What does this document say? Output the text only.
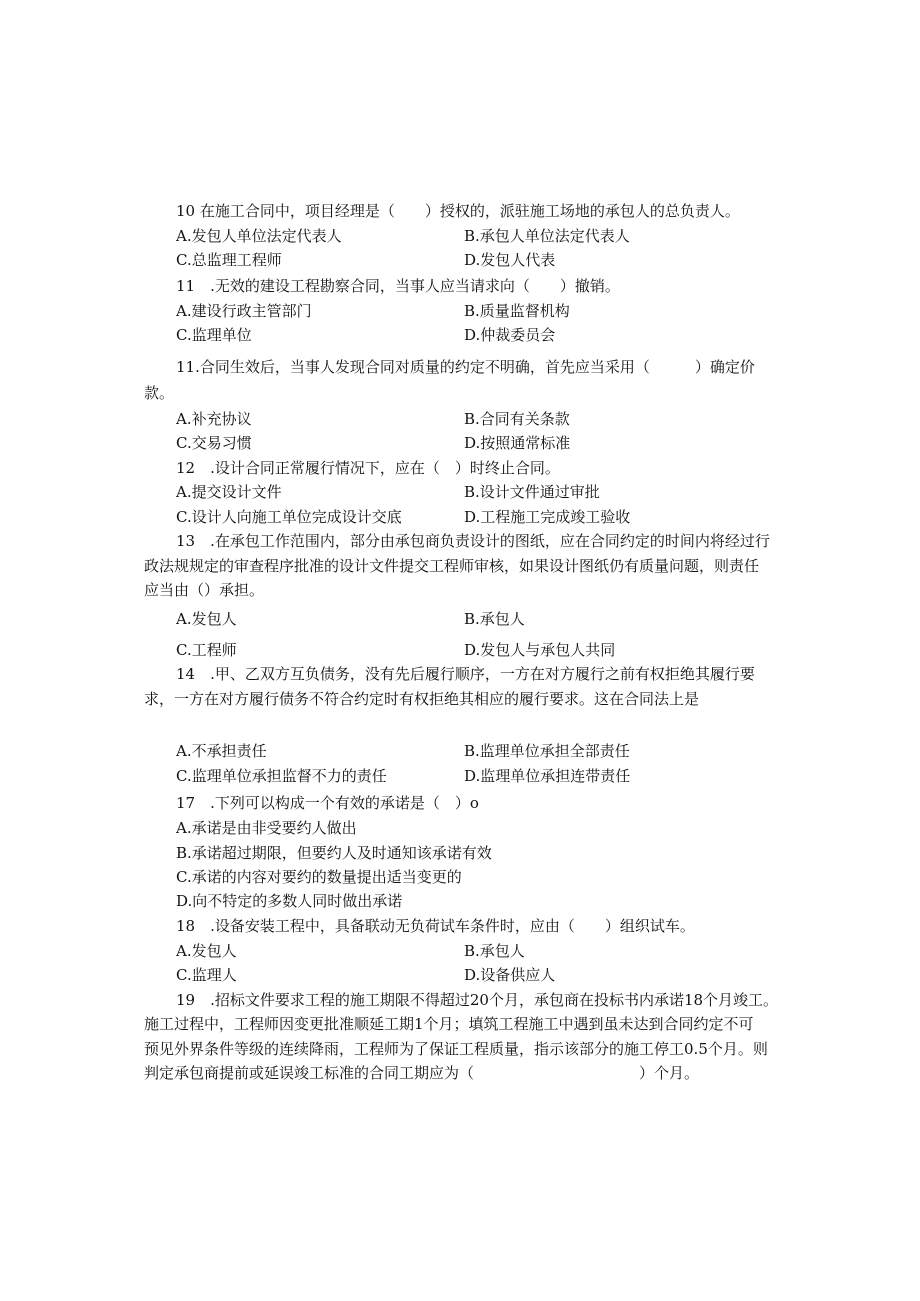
10 在施工合同中，项目经理是（　　）授权的，派驻施工场地的承包人的总负责人。
A.发包人单位法定代表人	B.承包人单位法定代表人
C.总监理工程师	D.发包人代表
11　.无效的建设工程勘察合同，当事人应当请求向（　　）撤销。
A.建设行政主管部门	B.质量监督机构
C.监理单位	D.仲裁委员会
11.合同生效后，当事人发现合同对质量的约定不明确，首先应当采用（　　　）确定价
款。
A.补充协议	B.合同有关条款
C.交易习惯	D.按照通常标准
12　.设计合同正常履行情况下，应在（　）时终止合同。
A.提交设计文件	B.设计文件通过审批
C.设计人向施工单位完成设计交底	D.工程施工完成竣工验收
13　.在承包工作范围内，部分由承包商负责设计的图纸，应在合同约定的时间内将经过行
政法规规定的审查程序批准的设计文件提交工程师审核，如果设计图纸仍有质量问题，则责任
应当由（）承担。
A.发包人	B.承包人
C.工程师	D.发包人与承包人共同
14　.甲、乙双方互负债务，没有先后履行顺序，一方在对方履行之前有权拒绝其履行要
求，一方在对方履行债务不符合约定时有权拒绝其相应的履行要求。这在合同法上是
A.不承担责任	B.监理单位承担全部责任
C.监理单位承担监督不力的责任	D.监理单位承担连带责任
17　.下列可以构成一个有效的承诺是（　）o
A.承诺是由非受要约人做出
B.承诺超过期限，但要约人及时通知该承诺有效
C.承诺的内容对要约的数量提出适当变更的
D.向不特定的多数人同时做出承诺
18　.设备安装工程中，具备联动无负荷试车条件时，应由（　　）组织试车。
A.发包人	B.承包人
C.监理人	D.设备供应人
19　.招标文件要求工程的施工期限不得超过20个月，承包商在投标书内承诺18个月竣工。
施工过程中，工程师因变更批准顺延工期1个月；填筑工程施工中遇到虽未达到合同约定不可
预见外界条件等级的连续降雨，工程师为了保证工程质量，指示该部分的施工停工0.5个月。则
判定承包商提前或延误竣工标准的合同工期应为（　　　　　　　　　　　）个月。
